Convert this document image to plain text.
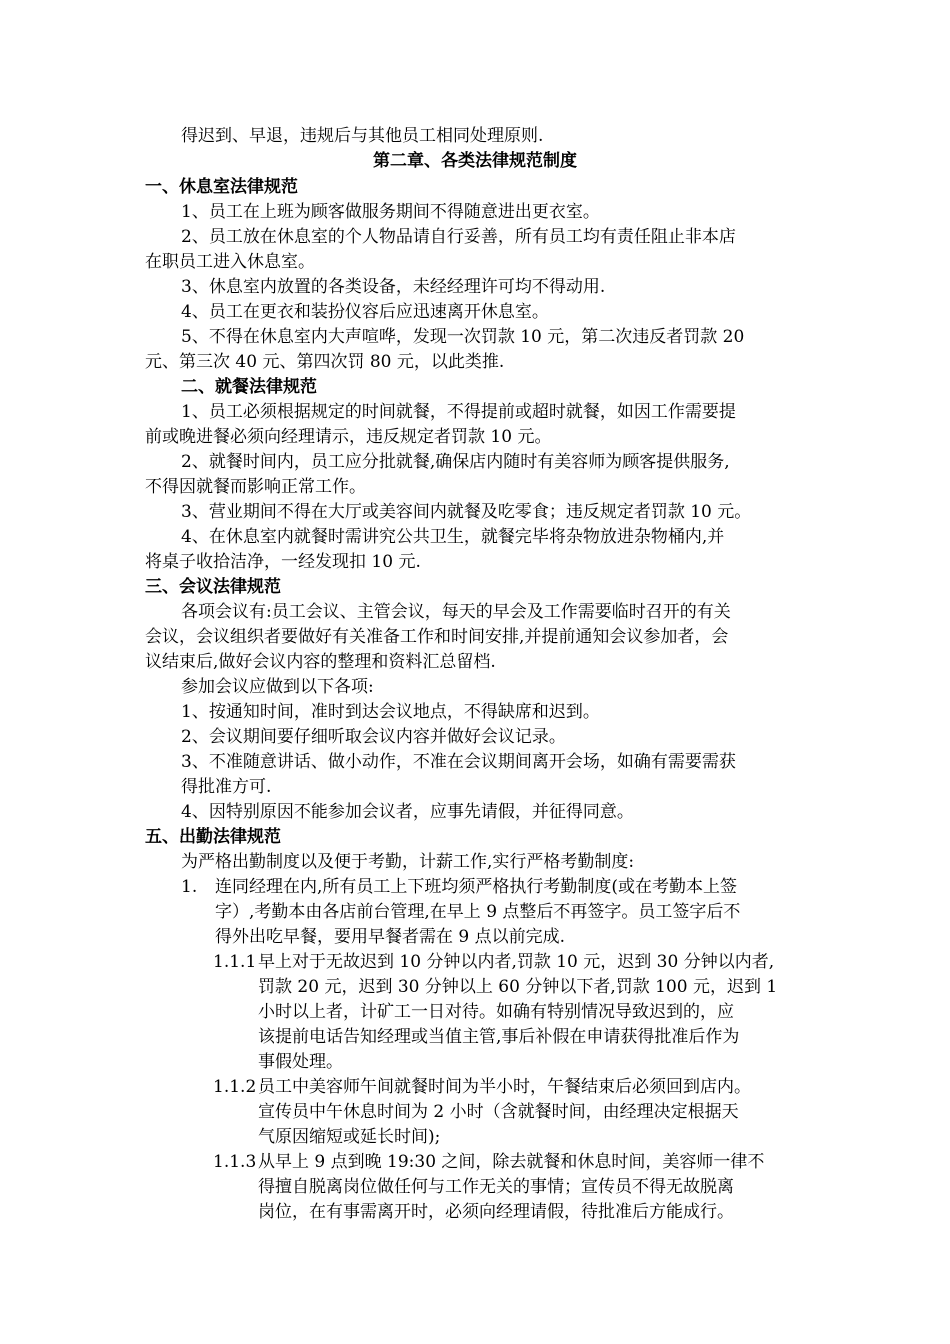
得迟到、早退，违规后与其他员工相同处理原则.
第二章、各类法律规范制度
一、休息室法律规范
1、员工在上班为顾客做服务期间不得随意进出更衣室。
2、员工放在休息室的个人物品请自行妥善，所有员工均有责任阻止非本店
在职员工进入休息室。
3、休息室内放置的各类设备，未经经理许可均不得动用.
4、员工在更衣和装扮仪容后应迅速离开休息室。
5、不得在休息室内大声喧哗，发现一次罚款 10 元，第二次违反者罚款 20
元、第三次 40 元、第四次罚 80 元，以此类推.
二、就餐法律规范
1、员工必须根据规定的时间就餐，不得提前或超时就餐，如因工作需要提
前或晚进餐必须向经理请示，违反规定者罚款 10 元。
2、就餐时间内，员工应分批就餐,确保店内随时有美容师为顾客提供服务,
不得因就餐而影响正常工作。
3、营业期间不得在大厅或美容间内就餐及吃零食；违反规定者罚款 10 元。
4、在休息室内就餐时需讲究公共卫生，就餐完毕将杂物放进杂物桶内,并
将桌子收拾洁净，一经发现扣 10 元.
三、会议法律规范
各项会议有:员工会议、主管会议，每天的早会及工作需要临时召开的有关
会议，会议组织者要做好有关准备工作和时间安排,并提前通知会议参加者，会
议结束后,做好会议内容的整理和资料汇总留档.
参加会议应做到以下各项:
1、按通知时间，准时到达会议地点，不得缺席和迟到。
2、会议期间要仔细听取会议内容并做好会议记录。
3、不准随意讲话、做小动作，不准在会议期间离开会场，如确有需要需获
得批准方可.
4、因特别原因不能参加会议者，应事先请假，并征得同意。
五、出勤法律规范
为严格出勤制度以及便于考勤，计薪工作,实行严格考勤制度:
1. 连同经理在内,所有员工上下班均须严格执行考勤制度(或在考勤本上签
字）,考勤本由各店前台管理,在早上 9 点整后不再签字。员工签字后不
得外出吃早餐，要用早餐者需在 9 点以前完成.
1.1.1 早上对于无故迟到 10 分钟以内者,罚款 10 元，迟到 30 分钟以内者,
罚款 20 元，迟到 30 分钟以上 60 分钟以下者,罚款 100 元，迟到 1
小时以上者，计矿工一日对待。如确有特别情况导致迟到的，应
该提前电话告知经理或当值主管,事后补假在申请获得批准后作为
事假处理。
1.1.2 员工中美容师午间就餐时间为半小时，午餐结束后必须回到店内。
宣传员中午休息时间为 2 小时（含就餐时间，由经理决定根据天
气原因缩短或延长时间);
1.1.3 从早上 9 点到晚 19:30 之间，除去就餐和休息时间，美容师一律不
得擅自脱离岗位做任何与工作无关的事情；宣传员不得无故脱离
岗位，在有事需离开时，必须向经理请假，待批准后方能成行。
